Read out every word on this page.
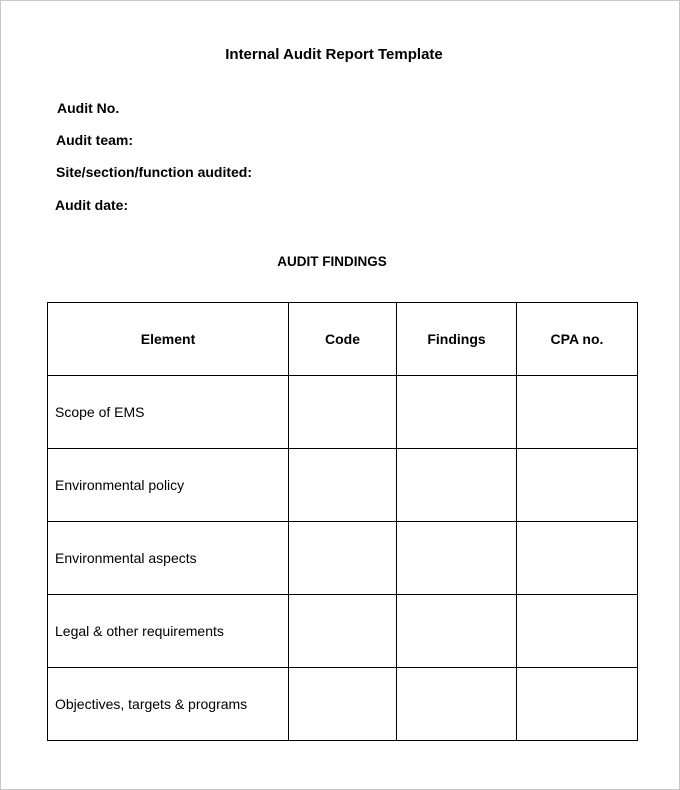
Internal Audit Report Template
Audit No.
Audit team:
Site/section/function audited:
Audit date:
AUDIT FINDINGS
Element	Code	Findings	CPA no.
Scope of EMS			
Environmental policy			
Environmental aspects			
Legal & other requirements			
Objectives, targets & programs			
